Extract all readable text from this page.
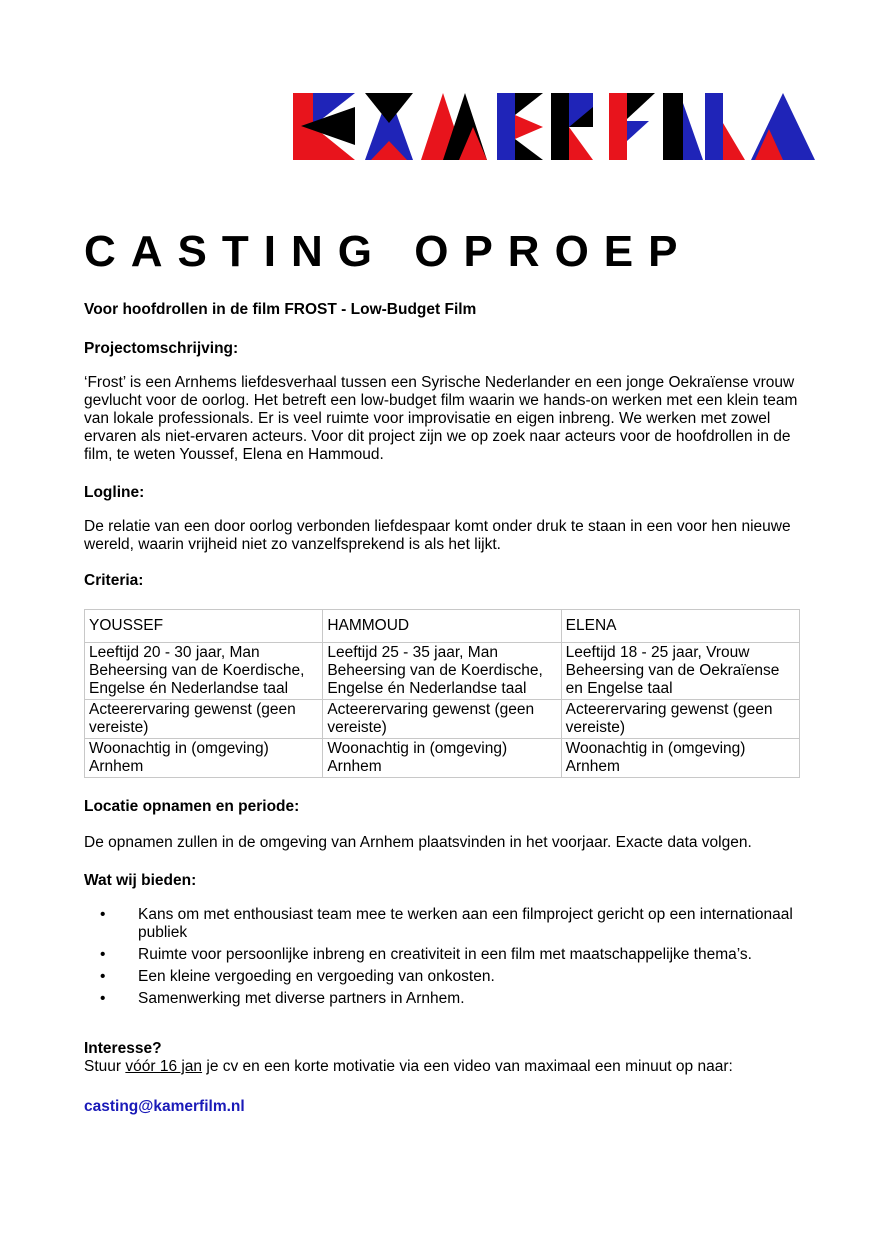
CASTING OPROEP

Voor hoofdrollen in de film FROST - Low-Budget Film

Projectomschrijving:

‘Frost’ is een Arnhems liefdesverhaal tussen een Syrische Nederlander en een jonge Oekraïense vrouw gevlucht voor de oorlog. Het betreft een low-budget film waarin we hands-on werken met een klein team van lokale professionals. Er is veel ruimte voor improvisatie en eigen inbreng. We werken met zowel ervaren als niet-ervaren acteurs. Voor dit project zijn we op zoek naar acteurs voor de hoofdrollen in de film, te weten Youssef, Elena en Hammoud.

Logline:

De relatie van een door oorlog verbonden liefdespaar komt onder druk te staan in een voor hen nieuwe wereld, waarin vrijheid niet zo vanzelfsprekend is als het lijkt.

Criteria:

YOUSSEF	HAMMOUD	ELENA
Leeftijd 20 - 30 jaar, Man Beheersing van de Koerdische, Engelse én Nederlandse taal	Leeftijd 25 - 35 jaar, Man Beheersing van de Koerdische, Engelse én Nederlandse taal	Leeftijd 18 - 25 jaar, Vrouw Beheersing van de Oekraïense en Engelse taal
Acteerervaring gewenst (geen vereiste)	Acteerervaring gewenst (geen vereiste)	Acteerervaring gewenst (geen vereiste)
Woonachtig in (omgeving) Arnhem	Woonachtig in (omgeving) Arnhem	Woonachtig in (omgeving) Arnhem

Locatie opnamen en periode:

De opnamen zullen in de omgeving van Arnhem plaatsvinden in het voorjaar. Exacte data volgen.

Wat wij bieden:

• Kans om met enthousiast team mee te werken aan een filmproject gericht op een internationaal publiek
• Ruimte voor persoonlijke inbreng en creativiteit in een film met maatschappelijke thema’s.
• Een kleine vergoeding en vergoeding van onkosten.
• Samenwerking met diverse partners in Arnhem.

Interesse?

Stuur vóór 16 jan je cv en een korte motivatie via een video van maximaal een minuut op naar:

casting@kamerfilm.nl
